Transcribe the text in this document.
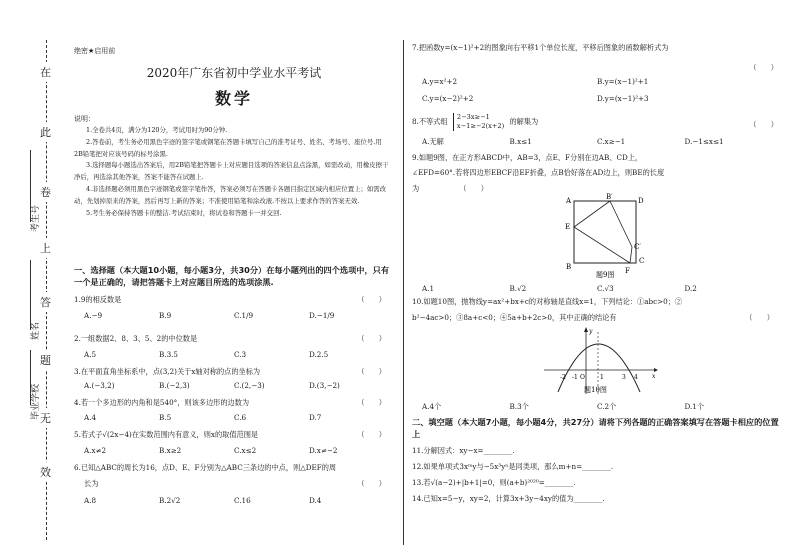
在
此
卷
上
答
题
无
效
考生号
姓名
毕业学校
绝密★启用前
2020年广东省初中学业水平考试
数学
说明：

1.全卷共4页，满分为120分，考试用时为90分钟.

2.答卷前，考生务必用黑色字迹的签字笔或钢笔在答题卡填写自己的准考证号、姓名、考场号、座位号.用2B铅笔把对应该号码的标号涂黑.

3.选择题每小题选出答案后，用2B铅笔把答题卡上对应题目选项的答案信息点涂黑，如需改动，用橡皮擦干净后，再选涂其他答案，答案不能答在试题上.

4.非选择题必须用黑色字迹钢笔或签字笔作答，答案必须写在答题卡各题目指定区域内相应位置上；如需改动，先划掉原来的答案，然后再写上新的答案；不准使用铅笔和涂改液.不按以上要求作答的答案无效.

5.考生务必保持答题卡的整洁.考试结束时，将试卷和答题卡一并交回.

一、选择题（本大题10小题，每小题3分，共30分）在每小题列出的四个选项中，只有一个是正确的，请把答题卡上对应题目所选的选项涂黑.
1.9的相反数是	（　　）
A.−9	B.9	C.1/9	D.−1/9
2.一组数据2、8、3、5、2的中位数是	（　　）
A.5	B.3.5	C.3	D.2.5
3.在平面直角坐标系中，点(3,2)关于x轴对称的点的坐标为	（　　）
A.(−3,2)	B.(−2,3)	C.(2,−3)	D.(3,−2)
4.若一个多边形的内角和是540°，则该多边形的边数为	（　　）
A.4	B.5	C.6	D.7
5.若式子√(2x−4)在实数范围内有意义，则x的取值范围是	（　　）
A.x≠2	B.x≥2	C.x≤2	D.x≠−2
6.已知△ABC的周长为16，点D、E、F分别为△ABC三条边的中点，则△DEF的周
长为	（　　）
A.8	B.2√2	C.16	D.4
7.把函数y=(x−1)²+2的图象向右平移1个单位长度，平移后图象的函数解析式为
（　　）
A.y=x²+2	B.y=(x−1)²+1
C.y=(x−2)²+2	D.y=(x−1)²+3
8.不等式组 2−3x≥−1
x−1≥−2(x+2) 的解集为	（　　）
A.无解	B.x≤1	C.x≥−1	D.−1≤x≤1
9.如题9图，在正方形ABCD中，AB=3，点E、F分别在边AB、CD上，
∠EFD=60°.若将四边形EBCF沿EF折叠，点B恰好落在AD边上，则BE的长度
为	（　　）
A	B′	D
E
C′
B
C
F
题9图
A.1	B.√2	C.√3	D.2
10.如题10图，抛物线y=ax²+bx+c的对称轴是直线x=1，下列结论：①abc>0；②
b²−4ac>0；③8a+c<0；④5a+b+2c>0，其中正确的结论有	（　　）
-2 -1 O	1	3 4 x
y
题10图
A.4个	B.3个	C.2个	D.1个
二、填空题（本大题7小题，每小题4分，共27分）请将下列各题的正确答案填写在答题卡相应的位置上
11.分解因式：xy−x=________.
12.如果单项式3xᵐy与−5x³yⁿ是同类项，那么m+n=________.
13.若√(a−2)+|b+1|=0，则(a+b)²⁰²⁰=________.
14.已知x=5−y，xy=2，计算3x+3y−4xy的值为________.
